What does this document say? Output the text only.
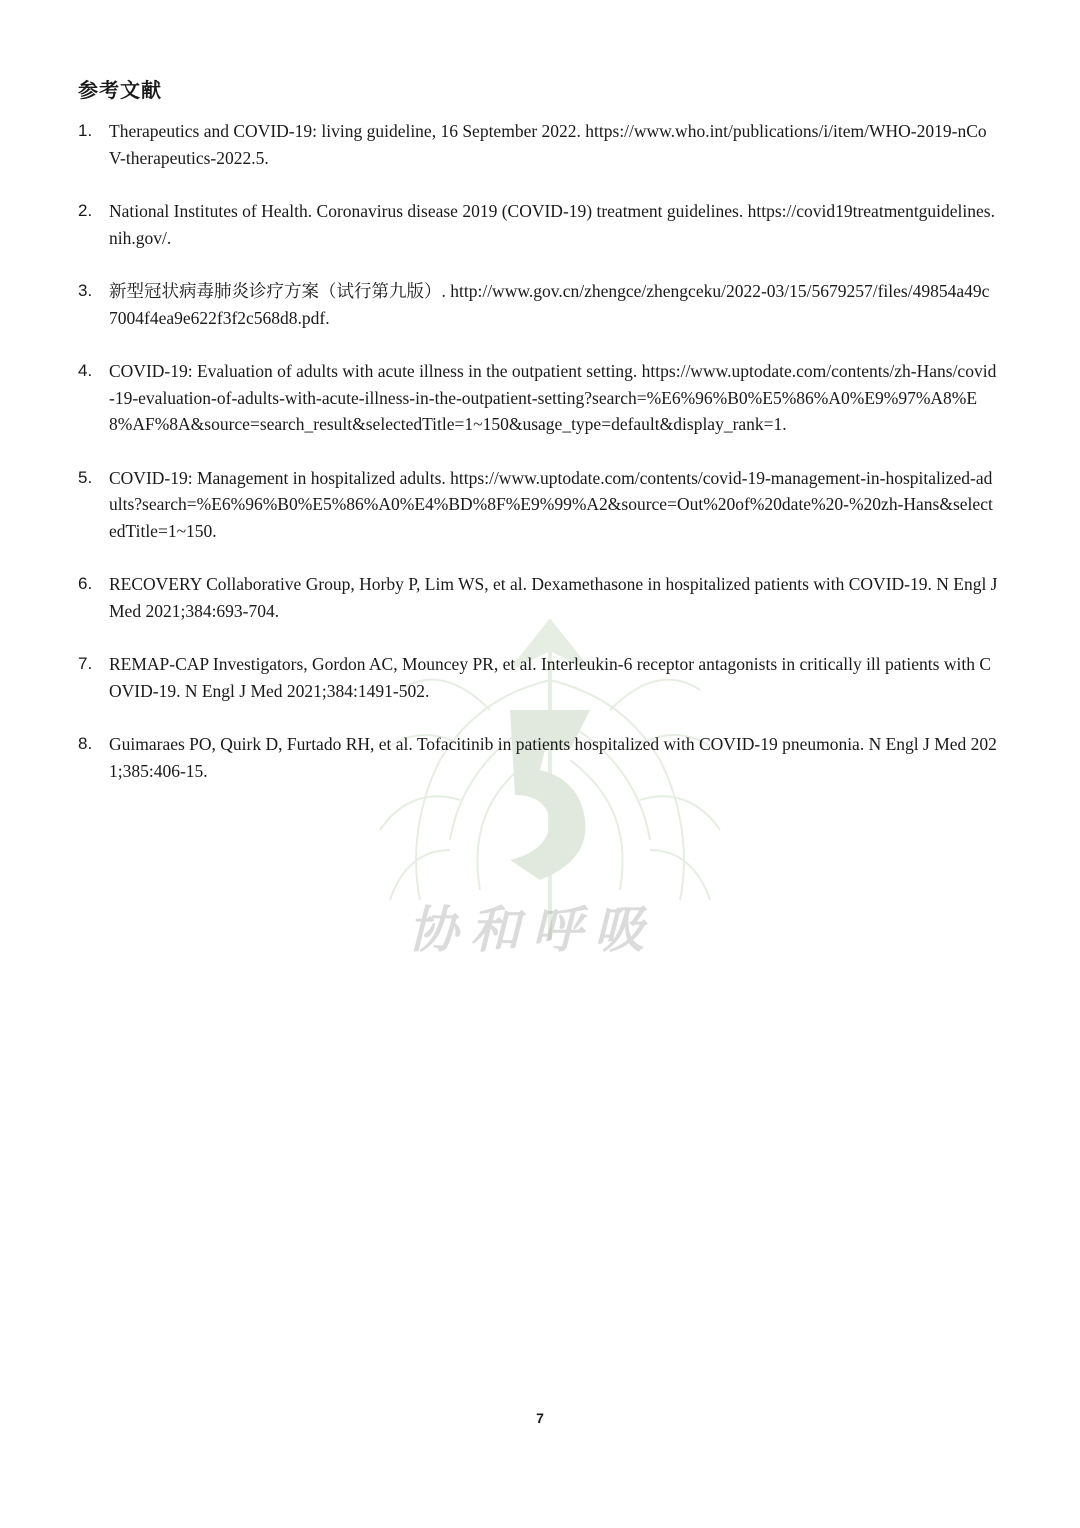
协和呼吸
参考文献
1. Therapeutics and COVID-19: living guideline, 16 September 2022. https://www.who.int/publications/i/item/WHO-2019-nCoV-therapeutics-2022.5.
2. National Institutes of Health. Coronavirus disease 2019 (COVID-19) treatment guidelines. https://covid19treatmentguidelines.nih.gov/.
3. 新型冠状病毒肺炎诊疗方案（试行第九版）. http://www.gov.cn/zhengce/zhengceku/2022-03/15/5679257/files/49854a49c7004f4ea9e622f3f2c568d8.pdf.
4. COVID-19: Evaluation of adults with acute illness in the outpatient setting. https://www.uptodate.com/contents/zh-Hans/covid-19-evaluation-of-adults-with-acute-illness-in-the-outpatient-setting?search=%E6%96%B0%E5%86%A0%E9%97%A8%E8%AF%8A&source=search_result&selectedTitle=1~150&usage_type=default&display_rank=1.
5. COVID-19: Management in hospitalized adults. https://www.uptodate.com/contents/covid-19-management-in-hospitalized-adults?search=%E6%96%B0%E5%86%A0%E4%BD%8F%E9%99%A2&source=Out%20of%20date%20-%20zh-Hans&selectedTitle=1~150.
6. RECOVERY Collaborative Group, Horby P, Lim WS, et al. Dexamethasone in hospitalized patients with COVID-19. N Engl J Med 2021;384:693-704.
7. REMAP-CAP Investigators, Gordon AC, Mouncey PR, et al. Interleukin-6 receptor antagonists in critically ill patients with COVID-19. N Engl J Med 2021;384:1491-502.
8. Guimaraes PO, Quirk D, Furtado RH, et al. Tofacitinib in patients hospitalized with COVID-19 pneumonia. N Engl J Med 2021;385:406-15.
7
